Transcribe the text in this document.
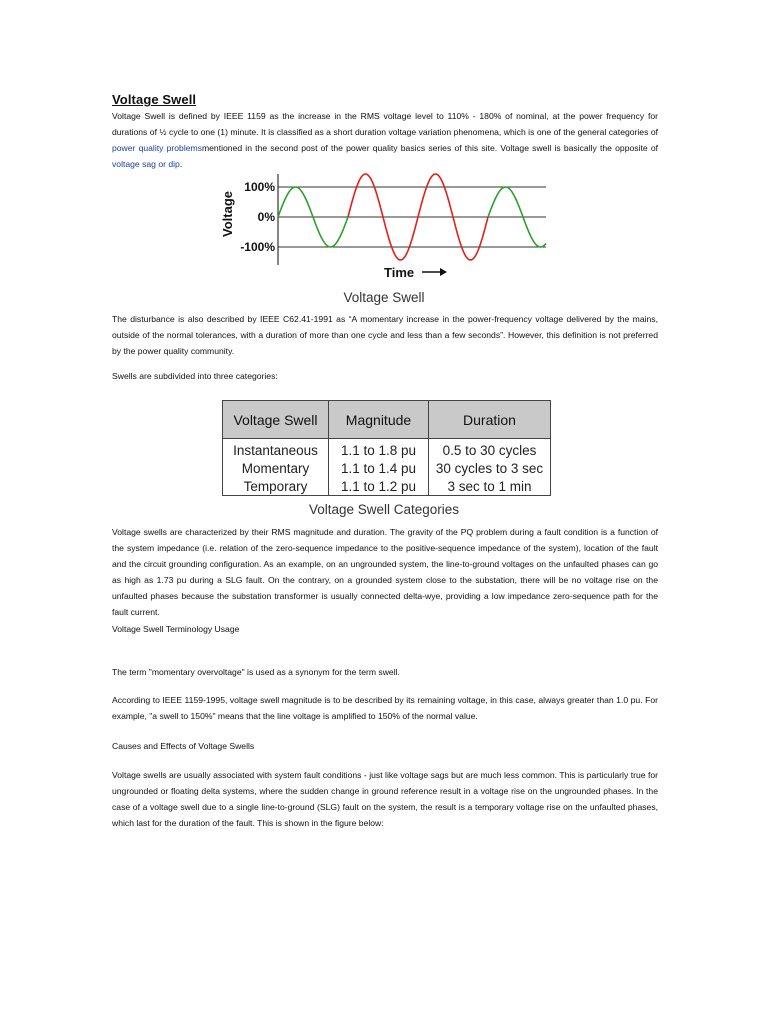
Voltage Swell
Voltage Swell is defined by IEEE 1159 as the increase in the RMS voltage level to 110% - 180% of nominal, at the power frequency for durations of ½ cycle to one (1) minute. It is classified as a short duration voltage variation phenomena, which is one of the general categories of power quality problemsmentioned in the second post of the power quality basics series of this site. Voltage swell is basically the opposite of voltage sag or dip.
Voltage
100%
0%
-100%
Time
Voltage Swell
The disturbance is also described by IEEE C62.41-1991 as “A momentary increase in the power-frequency voltage delivered by the mains, outside of the normal tolerances, with a duration of more than one cycle and less than a few seconds”. However, this definition is not preferred by the power quality community.
Swells are subdivided into three categories:
Voltage Swell	Magnitude	Duration
Instantaneous	1.1 to 1.8 pu	0.5 to 30 cycles
Momentary	1.1 to 1.4 pu	30 cycles to 3 sec
Temporary	1.1 to 1.2 pu	3 sec to 1 min
Voltage Swell Categories
Voltage swells are characterized by their RMS magnitude and duration. The gravity of the PQ problem during a fault condition is a function of the system impedance (i.e. relation of the zero-sequence impedance to the positive-sequence impedance of the system), location of the fault and the circuit grounding configuration. As an example, on an ungrounded system, the line-to-ground voltages on the unfaulted phases can go as high as 1.73 pu during a SLG fault. On the contrary, on a grounded system close to the substation, there will be no voltage rise on the unfaulted phases because the substation transformer is usually connected delta-wye, providing a low impedance zero-sequence path for the fault current.
Voltage Swell Terminology Usage
The term "momentary overvoltage" is used as a synonym for the term swell.
According to IEEE 1159-1995, voltage swell magnitude is to be described by its remaining voltage, in this case, always greater than 1.0 pu. For example, "a swell to 150%" means that the line voltage is amplified to 150% of the normal value.
Causes and Effects of Voltage Swells
Voltage swells are usually associated with system fault conditions - just like voltage sags but are much less common. This is particularly true for ungrounded or floating delta systems, where the sudden change in ground reference result in a voltage rise on the ungrounded phases. In the case of a voltage swell due to a single line-to-ground (SLG) fault on the system, the result is a temporary voltage rise on the unfaulted phases, which last for the duration of the fault. This is shown in the figure below:
